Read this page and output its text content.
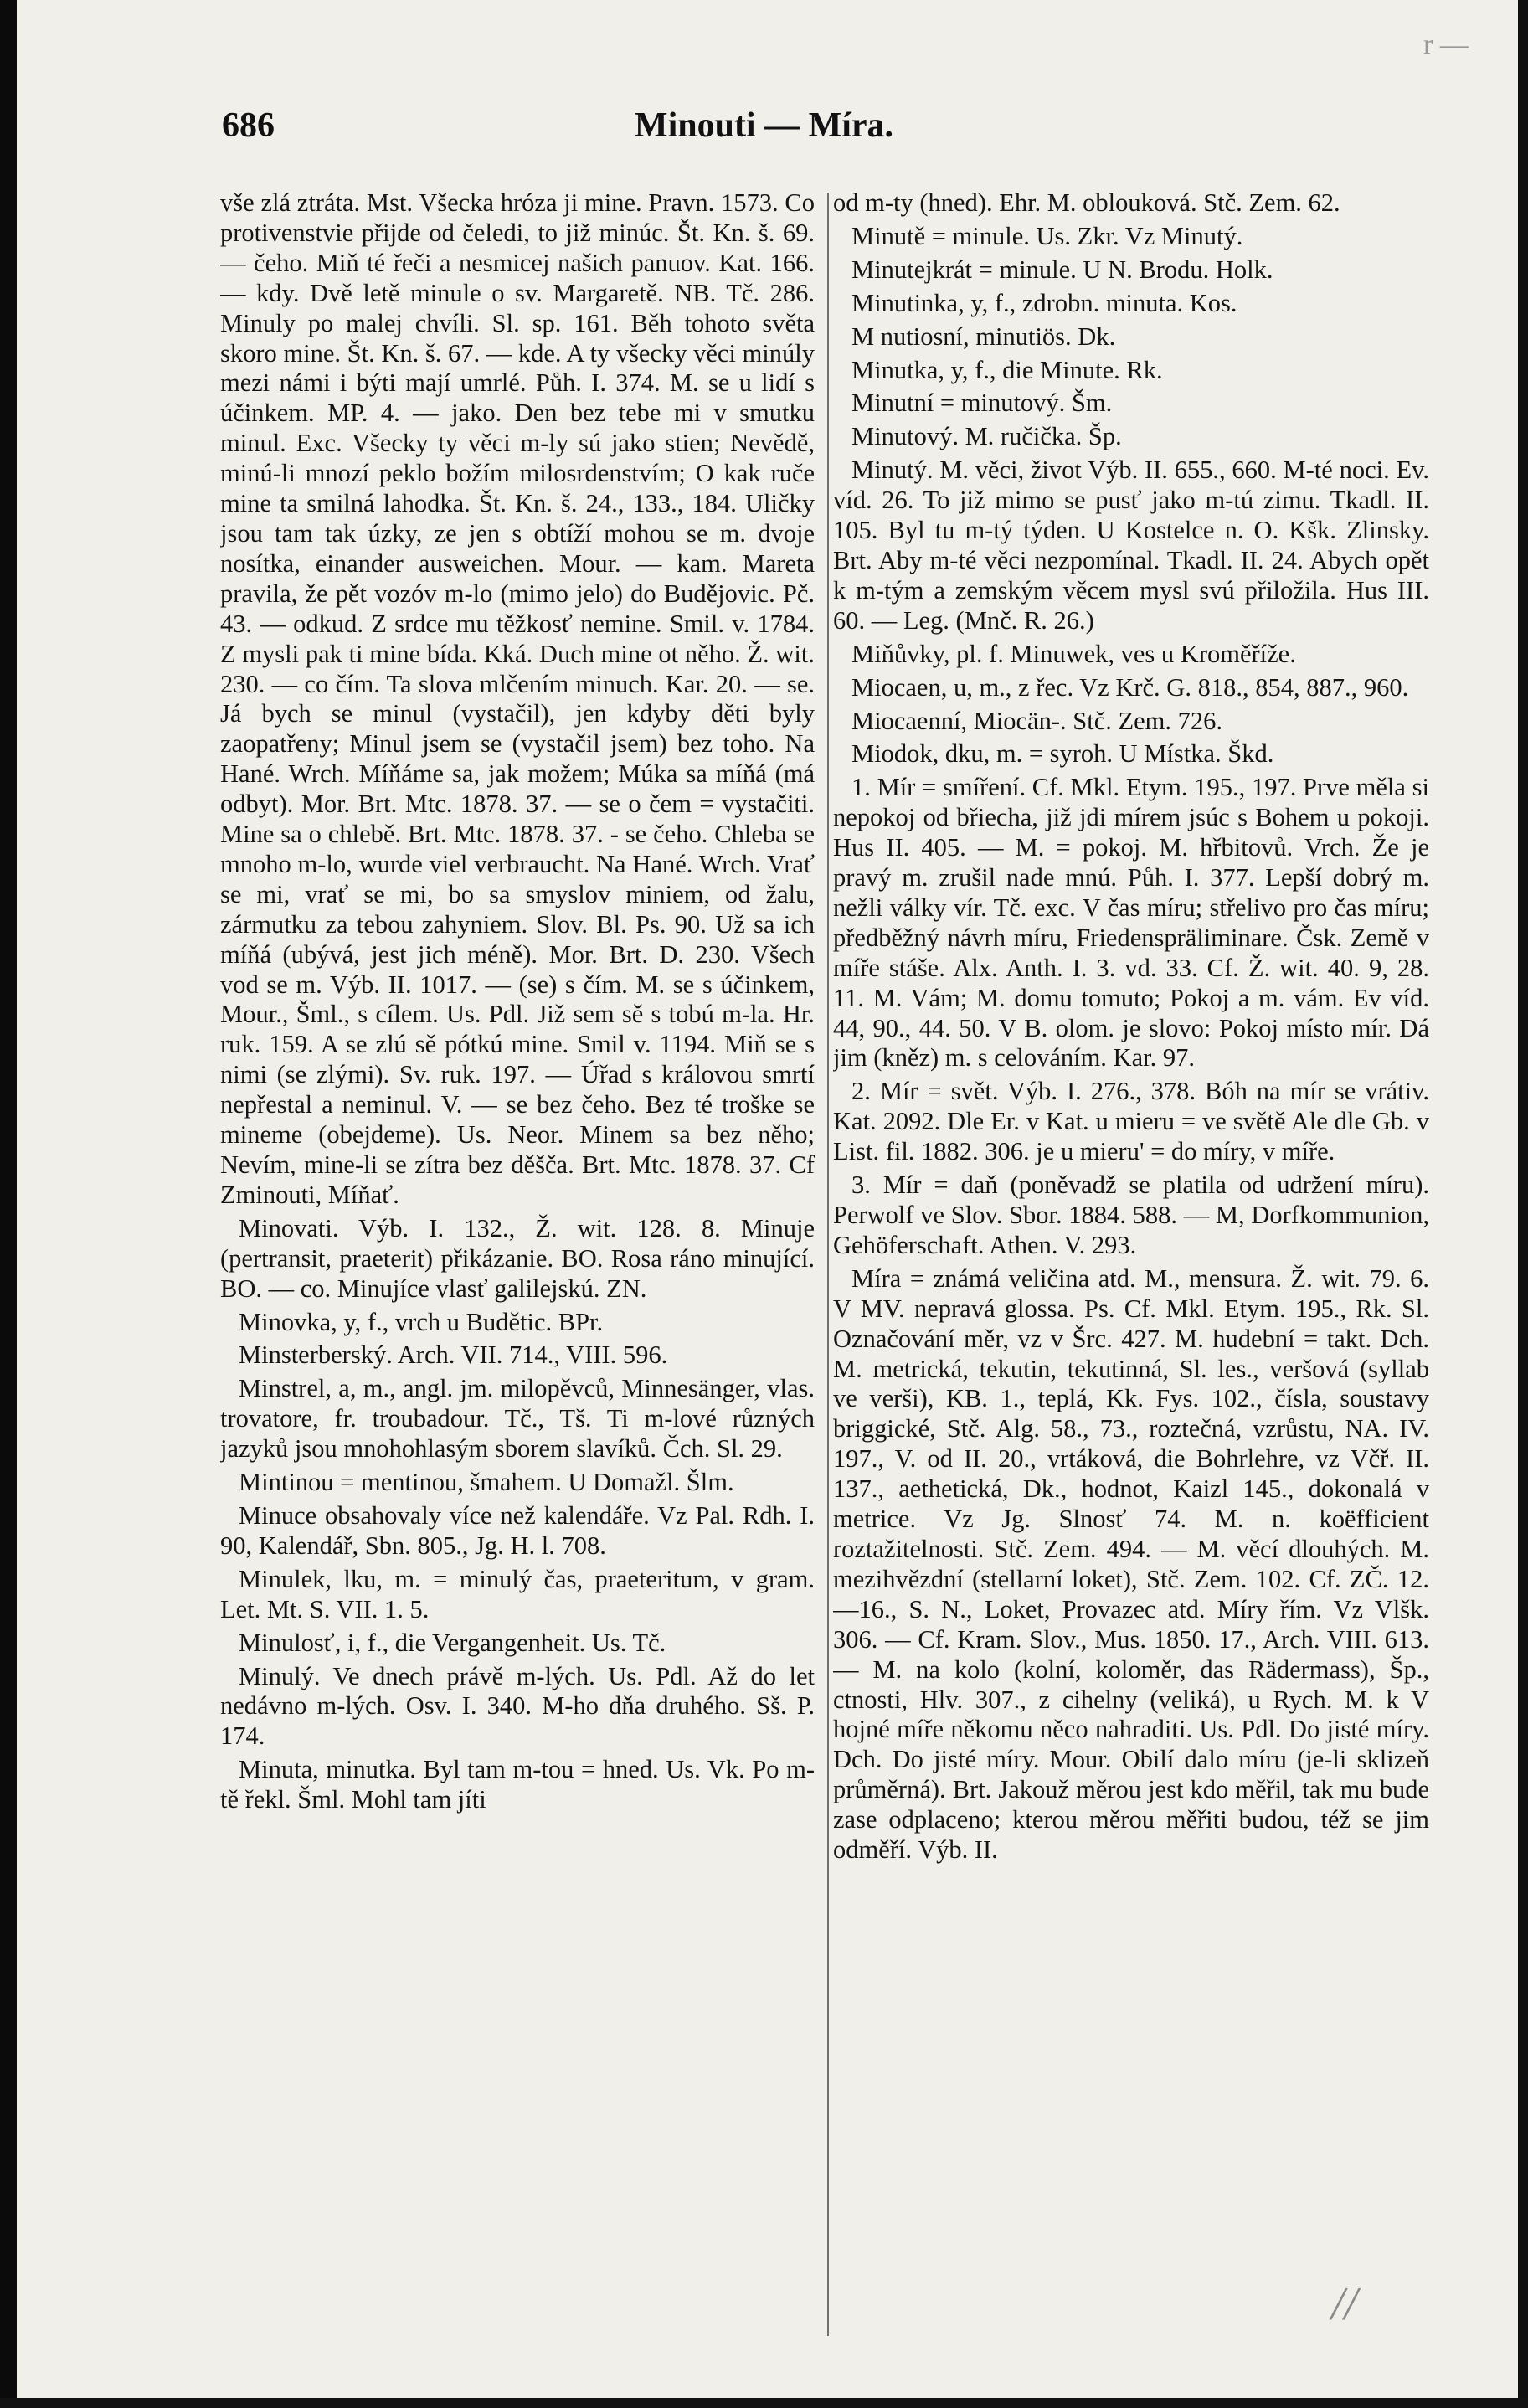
r —
Minouti — Míra.
686

vše zlá ztráta. Mst. Všecka hróza ji mine. Pravn. 1573. Co protivenstvie přijde od čeledi, to již minúc. Št. Kn. š. 69. — čeho. Miň té řeči a nesmicej našich panuov. Kat. 166. — kdy. Dvě letě minule o sv. Margaretě. NB. Tč. 286. Minuly po malej chvíli. Sl. sp. 161. Běh tohoto světa skoro mine. Št. Kn. š. 67. — kde. A ty všecky věci minúly mezi námi i býti mají umrlé. Půh. I. 374. M. se u lidí s účinkem. MP. 4. — jako. Den bez tebe mi v smutku minul. Exc. Všecky ty věci m-ly sú jako stien; Nevědě, minú-li mnozí peklo božím milosrdenstvím; O kak ruče mine ta smilná lahodka. Št. Kn. š. 24., 133., 184. Uličky jsou tam tak úzky, ze jen s obtíží mohou se m. dvoje nosítka, einander ausweichen. Mour. — kam. Mareta pravila, že pět vozóv m-lo (mimo jelo) do Budějovic. Pč. 43. — odkud. Z srdce mu těžkosť nemine. Smil. v. 1784. Z mysli pak ti mine bída. Kká. Duch mine ot něho. Ž. wit. 230. — co čím. Ta slova mlčením minuch. Kar. 20. — se. Já bych se minul (vystačil), jen kdyby děti byly zaopatřeny; Minul jsem se (vystačil jsem) bez toho. Na Hané. Wrch. Míňáme sa, jak možem; Múka sa míňá (má odbyt). Mor. Brt. Mtc. 1878. 37. — se o čem = vystačiti. Mine sa o chlebě. Brt. Mtc. 1878. 37. - se čeho. Chleba se mnoho m-lo, wurde viel verbraucht. Na Hané. Wrch. Vrať se mi, vrať se mi, bo sa smyslov miniem, od žalu, zármutku za tebou zahyniem. Slov. Bl. Ps. 90. Už sa ich míňá (ubývá, jest jich méně). Mor. Brt. D. 230. Všech vod se m. Výb. II. 1017. — (se) s čím. M. se s účinkem, Mour., Šml., s cílem. Us. Pdl. Již sem sě s tobú m-la. Hr. ruk. 159. A se zlú sě pótkú mine. Smil v. 1194. Miň se s nimi (se zlými). Sv. ruk. 197. — Úřad s královou smrtí nepřestal a neminul. V. — se bez čeho. Bez té troške se mineme (obejdeme). Us. Neor. Minem sa bez něho; Nevím, mine-li se zítra bez děšča. Brt. Mtc. 1878. 37. Cf Zminouti, Míňať.

Minovati. Výb. I. 132., Ž. wit. 128. 8. Minuje (pertransit, praeterit) přikázanie. BO. Rosa ráno minující. BO. — co. Minujíce vlasť galilejskú. ZN.

Minovka, y, f., vrch u Budětic. BPr.

Minsterberský. Arch. VII. 714., VIII. 596.

Minstrel, a, m., angl. jm. milopěvců, Minnesänger, vlas. trovatore, fr. troubadour. Tč., Tš. Ti m-lové různých jazyků jsou mnohohlasým sborem slavíků. Čch. Sl. 29.

Mintinou = mentinou, šmahem. U Domažl. Šlm.

Minuce obsahovaly více než kalendáře. Vz Pal. Rdh. I. 90, Kalendář, Sbn. 805., Jg. H. l. 708.

Minulek, lku, m. = minulý čas, praeteritum, v gram. Let. Mt. S. VII. 1. 5.

Minulosť, i, f., die Vergangenheit. Us. Tč.

Minulý. Ve dnech právě m-lých. Us. Pdl. Až do let nedávno m-lých. Osv. I. 340. M-ho dňa druhého. Sš. P. 174.

Minuta, minutka. Byl tam m-tou = hned. Us. Vk. Po m-tě řekl. Šml. Mohl tam jíti

od m-ty (hned). Ehr. M. oblouková. Stč. Zem. 62.

Minutě = minule. Us. Zkr. Vz Minutý.

Minutejkrát = minule. U N. Brodu. Holk.

Minutinka, y, f., zdrobn. minuta. Kos.

M nutiosní, minutiös. Dk.

Minutka, y, f., die Minute. Rk.

Minutní = minutový. Šm.

Minutový. M. ručička. Šp.

Minutý. M. věci, život Výb. II. 655., 660. M-té noci. Ev. víd. 26. To již mimo se pusť jako m-tú zimu. Tkadl. II. 105. Byl tu m-tý týden. U Kostelce n. O. Kšk. Zlinsky. Brt. Aby m-té věci nezpomínal. Tkadl. II. 24. Abych opět k m-tým a zemským věcem mysl svú přiložila. Hus III. 60. — Leg. (Mnč. R. 26.)

Miňůvky, pl. f. Minuwek, ves u Kroměříže.

Miocaen, u, m., z řec. Vz Krč. G. 818., 854, 887., 960.

Miocaenní, Miocän-. Stč. Zem. 726.

Miodok, dku, m. = syroh. U Místka. Škd.

1. Mír = smíření. Cf. Mkl. Etym. 195., 197. Prve měla si nepokoj od břiecha, již jdi mírem jsúc s Bohem u pokoji. Hus II. 405. — M. = pokoj. M. hřbitovů. Vrch. Že je pravý m. zrušil nade mnú. Půh. I. 377. Lepší dobrý m. nežli války vír. Tč. exc. V čas míru; střelivo pro čas míru; předběžný návrh míru, Friedenspräliminare. Čsk. Země v míře stáše. Alx. Anth. I. 3. vd. 33. Cf. Ž. wit. 40. 9, 28. 11. M. Vám; M. domu tomuto; Pokoj a m. vám. Ev víd. 44, 90., 44. 50. V B. olom. je slovo: Pokoj místo mír. Dá jim (kněz) m. s celováním. Kar. 97.

2. Mír = svět. Výb. I. 276., 378. Bóh na mír se vrátiv. Kat. 2092. Dle Er. v Kat. u mieru = ve světě Ale dle Gb. v List. fil. 1882. 306. je u mieru' = do míry, v míře.

3. Mír = daň (poněvadž se platila od udržení míru). Perwolf ve Slov. Sbor. 1884. 588. — M, Dorfkommunion, Gehöferschaft. Athen. V. 293.

Míra = známá veličina atd. M., mensura. Ž. wit. 79. 6. V MV. nepravá glossa. Ps. Cf. Mkl. Etym. 195., Rk. Sl. Označování měr, vz v Šrc. 427. M. hudební = takt. Dch. M. metrická, tekutin, tekutinná, Sl. les., veršová (syllab ve verši), KB. 1., teplá, Kk. Fys. 102., čísla, soustavy briggické, Stč. Alg. 58., 73., roztečná, vzrůstu, NA. IV. 197., V. od II. 20., vrtáková, die Bohrlehre, vz Včř. II. 137., aethetická, Dk., hodnot, Kaizl 145., dokonalá v metrice. Vz Jg. Slnosť 74. M. n. koëfficient roztažitelnosti. Stč. Zem. 494. — M. věcí dlouhých. M. mezihvězdní (stellarní loket), Stč. Zem. 102. Cf. ZČ. 12.—16., S. N., Loket, Provazec atd. Míry řím. Vz Vlšk. 306. — Cf. Kram. Slov., Mus. 1850. 17., Arch. VIII. 613. — M. na kolo (kolní, koloměr, das Rädermass), Šp., ctnosti, Hlv. 307., z cihelny (veliká), u Rych. M. k V hojné míře někomu něco nahraditi. Us. Pdl. Do jisté míry. Dch. Do jisté míry. Mour. Obilí dalo míru (je-li sklizeň průměrná). Brt. Jakouž měrou jest kdo měřil, tak mu bude zase odplaceno; kterou měrou měřiti budou, též se jim odměří. Výb. II.

//
